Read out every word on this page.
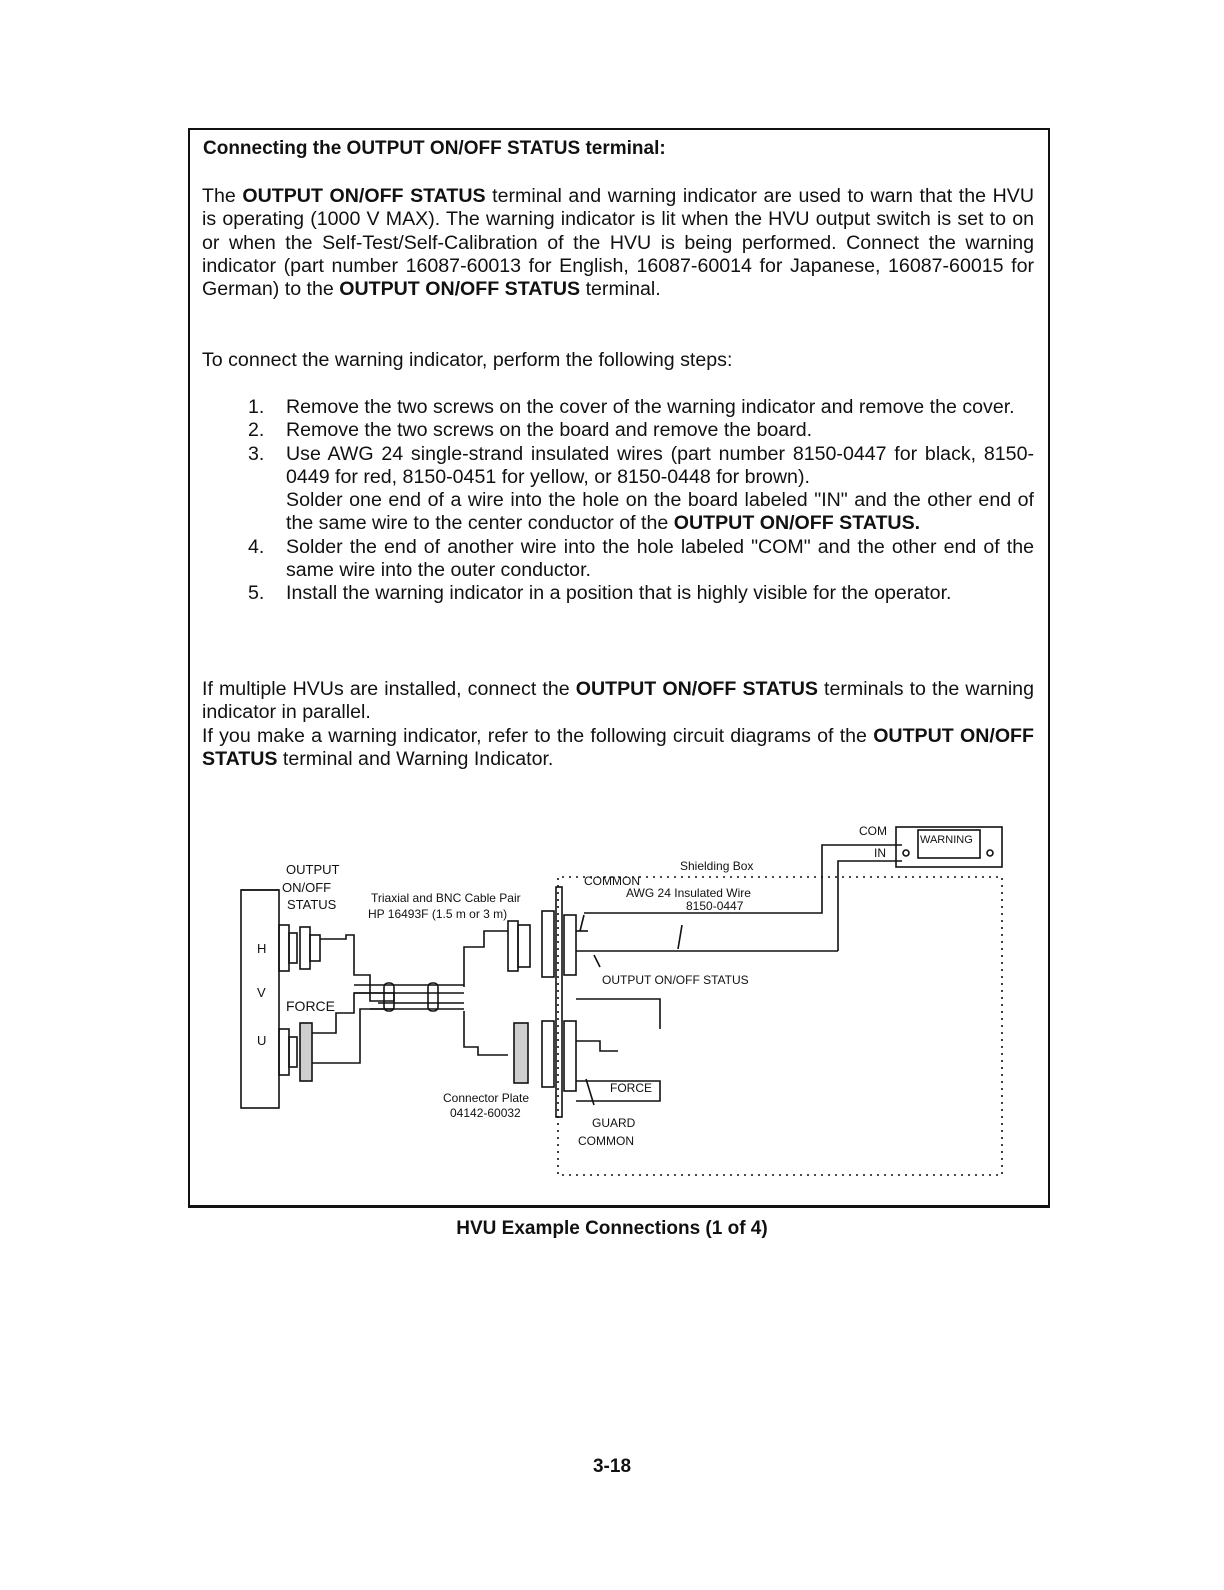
Connecting the OUTPUT ON/OFF STATUS terminal:

The OUTPUT ON/OFF STATUS terminal and warning indicator are used to warn that the HVU is operating (1000 V MAX). The warning indicator is lit when the HVU output switch is set to on or when the Self-Test/Self-Calibration of the HVU is being performed. Connect the warning indicator (part number 16087-60013 for English, 16087-60014 for Japanese, 16087-60015 for German) to the OUTPUT ON/OFF STATUS terminal.

To connect the warning indicator, perform the following steps:

1. Remove the two screws on the cover of the warning indicator and remove the cover.
2. Remove the two screws on the board and remove the board.
3. Use AWG 24 single-strand insulated wires (part number 8150-0447 for black, 8150-0449 for red, 8150-0451 for yellow, or 8150-0448 for brown).
Solder one end of a wire into the hole on the board labeled "IN" and the other end of the same wire to the center conductor of the OUTPUT ON/OFF STATUS.
4. Solder the end of another wire into the hole labeled "COM" and the other end of the same wire into the outer conductor.
5. Install the warning indicator in a position that is highly visible for the operator.

If multiple HVUs are installed, connect the OUTPUT ON/OFF STATUS terminals to the warning indicator in parallel.

If you make a warning indicator, refer to the following circuit diagrams of the OUTPUT ON/OFF STATUS terminal and Warning Indicator.

H
V
U
OUTPUT
ON/OFF
STATUS
FORCE
Triaxial and BNC Cable Pair
HP 16493F (1.5 m or 3 m)
Connector Plate
04142-60032
Shielding Box
COMMON
AWG 24 Insulated Wire
8150-0447
OUTPUT ON/OFF STATUS
FORCE
GUARD
COMMON
WARNING
COM
IN

HVU Example Connections (1 of 4)

3-18
